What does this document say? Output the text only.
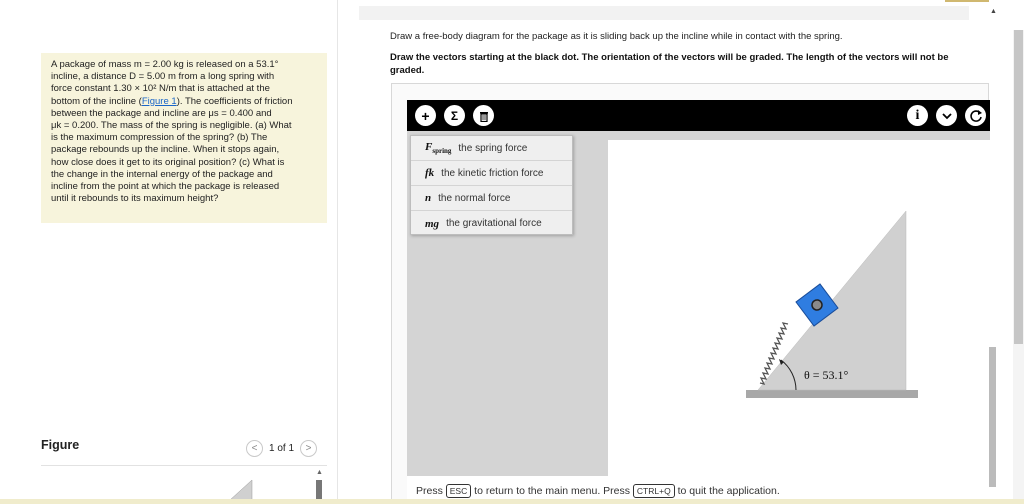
A package of mass m = 2.00 kg is released on a 53.1°
incline, a distance D = 5.00 m from a long spring with
force constant 1.30 × 10² N/m that is attached at the
bottom of the incline (Figure 1). The coefficients of friction
between the package and incline are μs = 0.400 and
μk = 0.200. The mass of the spring is negligible. (a) What
is the maximum compression of the spring? (b) The
package rebounds up the incline. When it stops again,
how close does it get to its original position? (c) What is
the change in the internal energy of the package and
incline from the point at which the package is released
until it rebounds to its maximum height?
Figure	<	1 of 1	>
▲
Draw a free-body diagram for the package as it is sliding back up the incline while in contact with the spring.
Draw the vectors starting at the black dot. The orientation of the vectors will be graded. The length of the vectors will not be graded.
+	Σ	i
$F_{spring}$ the spring force
fk the kinetic friction force
n the normal force
mg the gravitational force
θ = 53.1°
Press ESC to return to the main menu. Press CTRL+Q to quit the application.
▲
